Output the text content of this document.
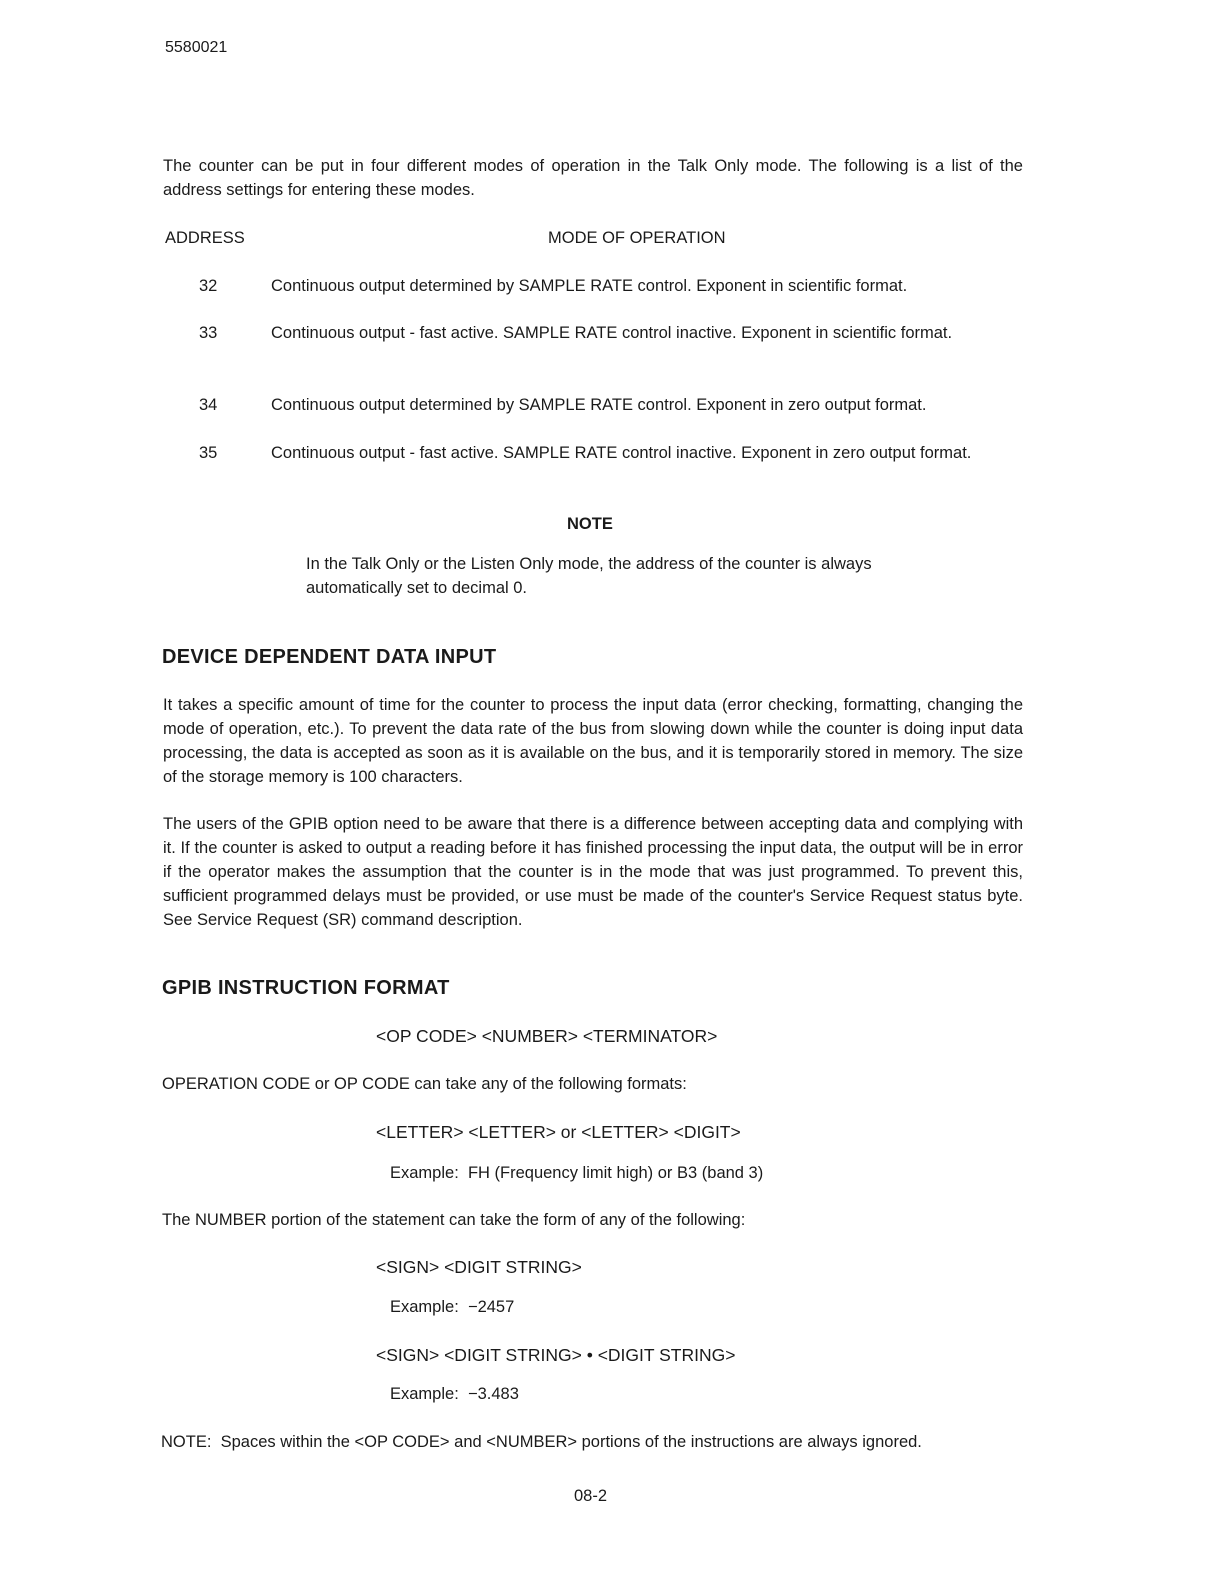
5580021
The counter can be put in four different modes of operation in the Talk Only mode. The following is a list of the address settings for entering these modes.
ADDRESS	MODE OF OPERATION
32	Continuous output determined by SAMPLE RATE control. Exponent in scientific format.
33	Continuous output - fast active. SAMPLE RATE control inactive. Exponent in scientific format.
34	Continuous output determined by SAMPLE RATE control. Exponent in zero output format.
35	Continuous output - fast active. SAMPLE RATE control inactive. Exponent in zero output format.
NOTE
In the Talk Only or the Listen Only mode, the address of the counter is always automatically set to decimal 0.
DEVICE DEPENDENT DATA INPUT
It takes a specific amount of time for the counter to process the input data (error checking, formatting, changing the mode of operation, etc.). To prevent the data rate of the bus from slowing down while the counter is doing input data processing, the data is accepted as soon as it is available on the bus, and it is temporarily stored in memory. The size of the storage memory is 100 characters.
The users of the GPIB option need to be aware that there is a difference between accepting data and complying with it. If the counter is asked to output a reading before it has finished processing the input data, the output will be in error if the operator makes the assumption that the counter is in the mode that was just programmed. To prevent this, sufficient programmed delays must be provided, or use must be made of the counter's Service Request status byte. See Service Request (SR) command description.
GPIB INSTRUCTION FORMAT
<OP CODE> <NUMBER> <TERMINATOR>
OPERATION CODE or OP CODE can take any of the following formats:
<LETTER> <LETTER> or <LETTER> <DIGIT>
Example:  FH (Frequency limit high) or B3 (band 3)
The NUMBER portion of the statement can take the form of any of the following:
<SIGN> <DIGIT STRING>
Example:  −2457
<SIGN> <DIGIT STRING> • <DIGIT STRING>
Example:  −3.483
NOTE:  Spaces within the <OP CODE> and <NUMBER> portions of the instructions are always ignored.
08-2
